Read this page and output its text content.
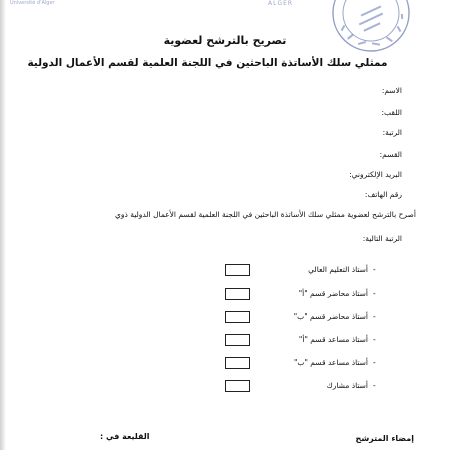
Université d'Alger	ALGER
تصريح بالترشح لعضوية
ممثلي سلك الأساتذة الباحثين في اللجنة العلمية لقسم الأعمال الدولية
الاسم:
اللقب:
الرتبة:
القسم:
البريد الإلكتروني:
رقم الهاتف:
أصرح بالترشح لعضوية ممثلي سلك الأساتذة الباحثين في اللجنة العلمية لقسم الأعمال الدولية ذوي
الرتبة التالية:
-
أستاذ التعليم العالي
-
أستاذ محاضر قسم "أ"
-
أستاذ محاضر قسم "ب"
-
أستاذ مساعد قسم "أ"
-
أستاذ مساعد قسم "ب"
-
أستاذ مشارك
القليعة في :	إمضاء المترشح
